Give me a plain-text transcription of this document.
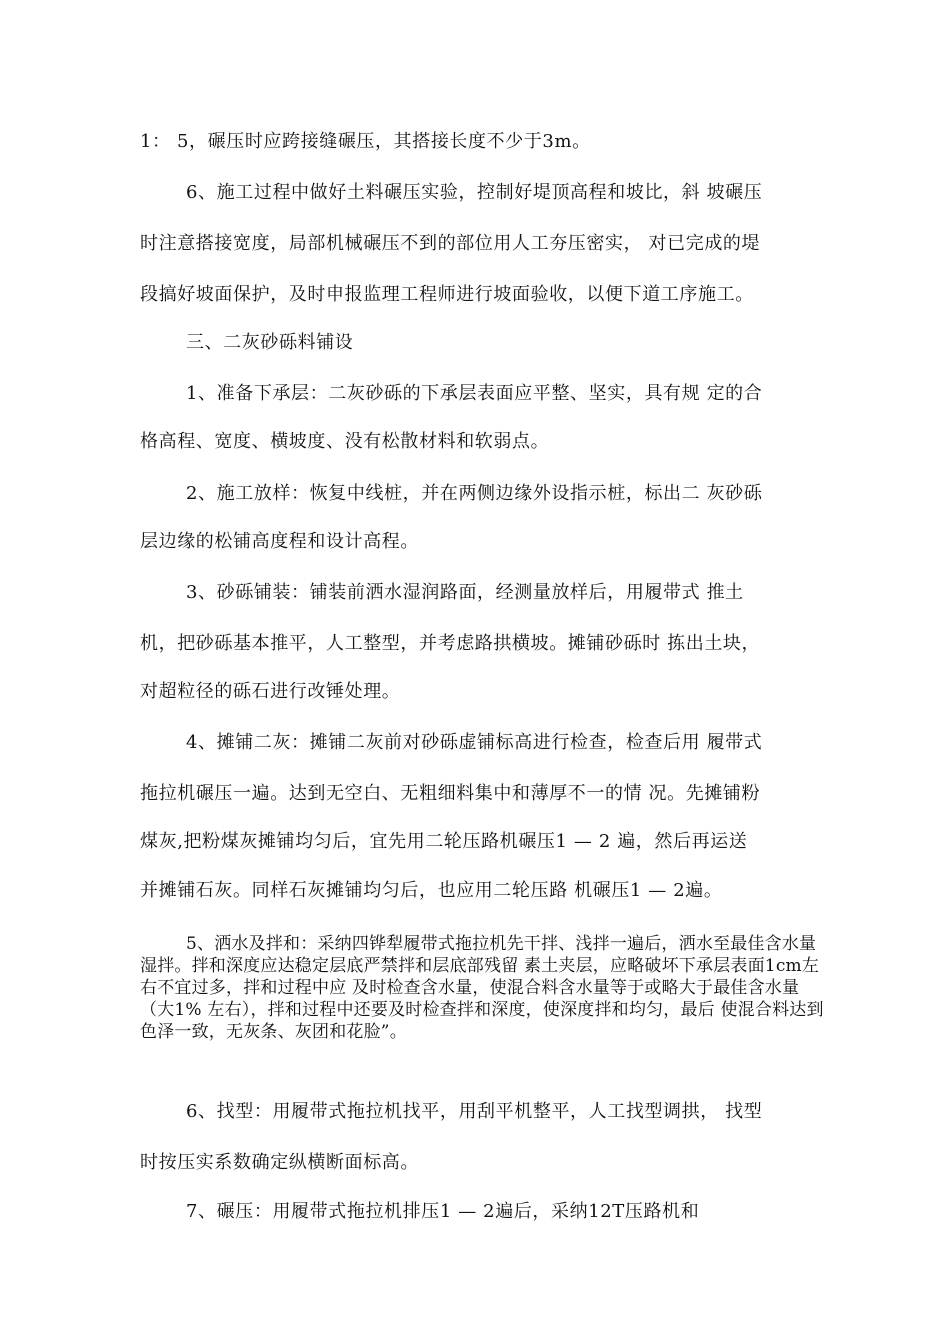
1： 5，碾压时应跨接缝碾压，其搭接长度不少于3m。
6、施工过程中做好土料碾压实验，控制好堤顶高程和坡比，斜 坡碾压
时注意搭接宽度，局部机械碾压不到的部位用人工夯压密实， 对已完成的堤
段搞好坡面保护，及时申报监理工程师进行坡面验收，以便下道工序施工。
三、二灰砂砾料铺设
1、准备下承层：二灰砂砾的下承层表面应平整、坚实，具有规 定的合
格高程、宽度、横坡度、没有松散材料和软弱点。
2、施工放样：恢复中线桩，并在两侧边缘外设指示桩，标出二 灰砂砾
层边缘的松铺高度程和设计高程。
3、砂砾铺装：铺装前洒水湿润路面，经测量放样后，用履带式 推土
机，把砂砾基本推平，人工整型，并考虑路拱横坡。摊铺砂砾时 拣出土块，
对超粒径的砾石进行改锤处理。
4、摊铺二灰：摊铺二灰前对砂砾虚铺标高进行检查，检查后用 履带式
拖拉机碾压一遍。达到无空白、无粗细料集中和薄厚不一的情 况。先摊铺粉
煤灰,把粉煤灰摊铺均匀后，宜先用二轮压路机碾压1 — 2 遍，然后再运送
并摊铺石灰。同样石灰摊铺均匀后，也应用二轮压路 机碾压1 — 2遍。
5、洒水及拌和：采纳四铧犁履带式拖拉机先干拌、浅拌一遍后，洒水至最佳含水量湿拌。拌和深度应达稳定层底严禁拌和层底部残留 素土夹层，应略破坏下承层表面1cm左右不宜过多，拌和过程中应 及时检查含水量，使混合料含水量等于或略大于最佳含水量（大1% 左右），拌和过程中还要及时检查拌和深度，使深度拌和均匀，最后 使混合料达到色泽一致，无灰条、灰团和花脸”。
6、找型：用履带式拖拉机找平，用刮平机整平，人工找型调拱， 找型
时按压实系数确定纵横断面标高。
7、碾压：用履带式拖拉机排压1 — 2遍后，采纳12T压路机和
